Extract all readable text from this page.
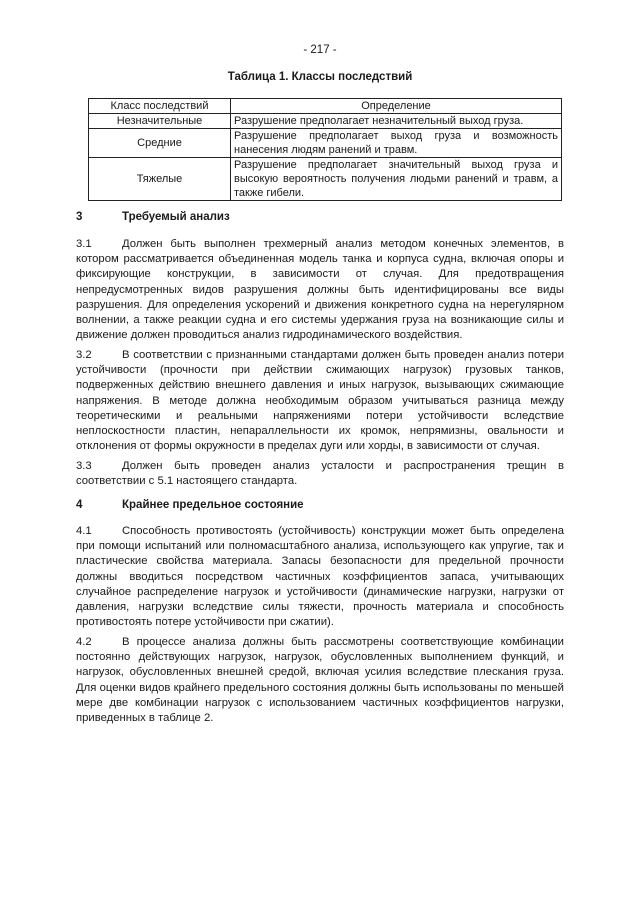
- 217 -
Таблица 1. Классы последствий
Класс последствий	Определение
Незначительные	Разрушение предполагает незначительный выход груза.
Средние	Разрушение предполагает выход груза и возможность нанесения людям ранений и травм.
Тяжелые	Разрушение предполагает значительный выход груза и высокую вероятность получения людьми ранений и травм, а также гибели.
3	Требуемый анализ

3.1	Должен быть выполнен трехмерный анализ методом конечных элементов, в котором рассматривается объединенная модель танка и корпуса судна, включая опоры и фиксирующие конструкции, в зависимости от случая. Для предотвращения непредусмотренных видов разрушения должны быть идентифицированы все виды разрушения. Для определения ускорений и движения конкретного судна на нерегулярном волнении, а также реакции судна и его системы удержания груза на возникающие силы и движение должен проводиться анализ гидродинамического воздействия.

3.2	В соответствии с признанными стандартами должен быть проведен анализ потери устойчивости (прочности при действии сжимающих нагрузок) грузовых танков, подверженных действию внешнего давления и иных нагрузок, вызывающих сжимающие напряжения. В методе должна необходимым образом учитываться разница между теоретическими и реальными напряжениями потери устойчивости вследствие неплоскостности пластин, непараллельности их кромок, непрямизны, овальности и отклонения от формы окружности в пределах дуги или хорды, в зависимости от случая.

3.3	Должен быть проведен анализ усталости и распространения трещин в соответствии с 5.1 настоящего стандарта.

4	Крайнее предельное состояние

4.1	Способность противостоять (устойчивость) конструкции может быть определена при помощи испытаний или полномасштабного анализа, использующего как упругие, так и пластические свойства материала. Запасы безопасности для предельной прочности должны вводиться посредством частичных коэффициентов запаса, учитывающих случайное распределение нагрузок и устойчивости (динамические нагрузки, нагрузки от давления, нагрузки вследствие силы тяжести, прочность материала и способность противостоять потере устойчивости при сжатии).

4.2	В процессе анализа должны быть рассмотрены соответствующие комбинации постоянно действующих нагрузок, нагрузок, обусловленных выполнением функций, и нагрузок, обусловленных внешней средой, включая усилия вследствие плескания груза. Для оценки видов крайнего предельного состояния должны быть использованы по меньшей мере две комбинации нагрузок с использованием частичных коэффициентов нагрузки, приведенных в таблице 2.
